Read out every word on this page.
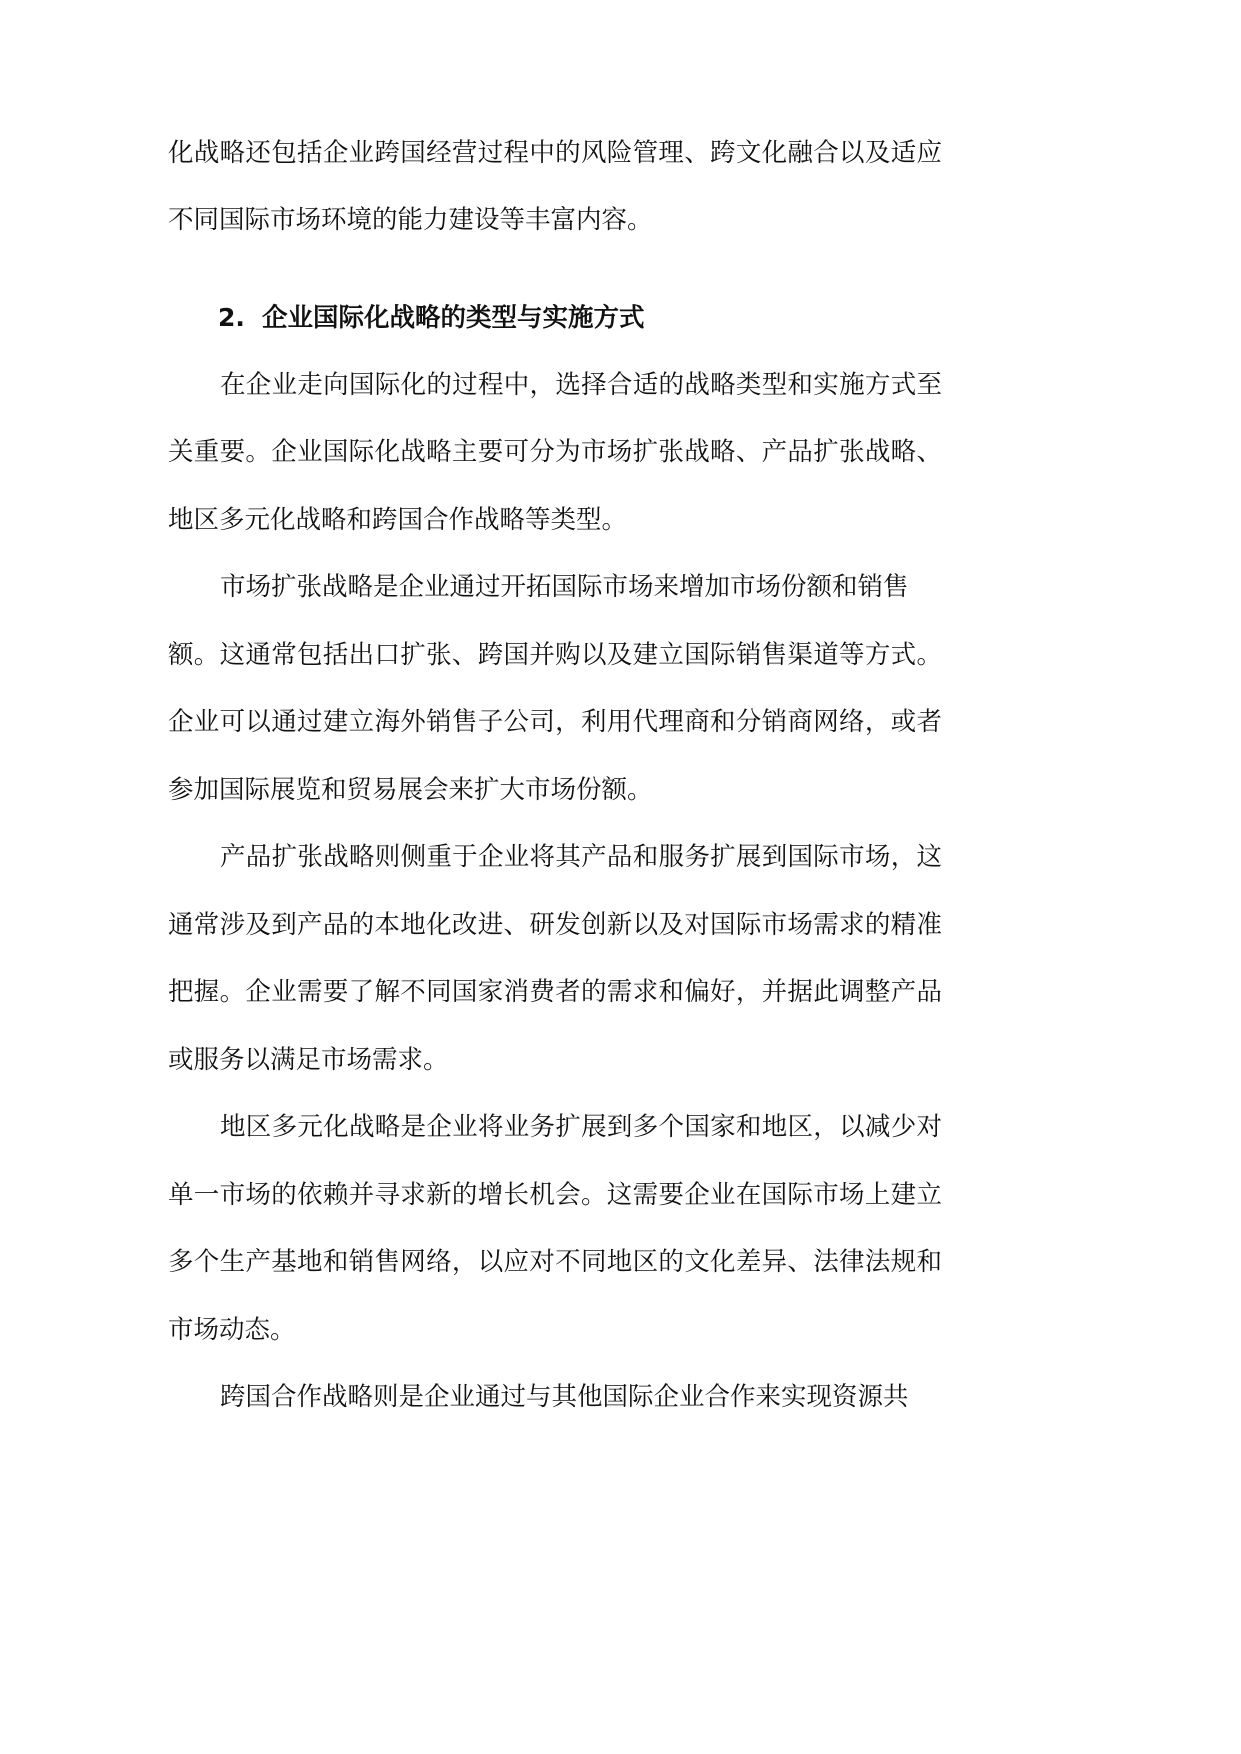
化战略还包括企业跨国经营过程中的风险管理、跨文化融合以及适应
不同国际市场环境的能力建设等丰富内容。
2. 企业国际化战略的类型与实施方式
在企业走向国际化的过程中，选择合适的战略类型和实施方式至
关重要。企业国际化战略主要可分为市场扩张战略、产品扩张战略、
地区多元化战略和跨国合作战略等类型。
市场扩张战略是企业通过开拓国际市场来增加市场份额和销售
额。这通常包括出口扩张、跨国并购以及建立国际销售渠道等方式。
企业可以通过建立海外销售子公司，利用代理商和分销商网络，或者
参加国际展览和贸易展会来扩大市场份额。
产品扩张战略则侧重于企业将其产品和服务扩展到国际市场，这
通常涉及到产品的本地化改进、研发创新以及对国际市场需求的精准
把握。企业需要了解不同国家消费者的需求和偏好，并据此调整产品
或服务以满足市场需求。
地区多元化战略是企业将业务扩展到多个国家和地区，以减少对
单一市场的依赖并寻求新的增长机会。这需要企业在国际市场上建立
多个生产基地和销售网络，以应对不同地区的文化差异、法律法规和
市场动态。
跨国合作战略则是企业通过与其他国际企业合作来实现资源共
